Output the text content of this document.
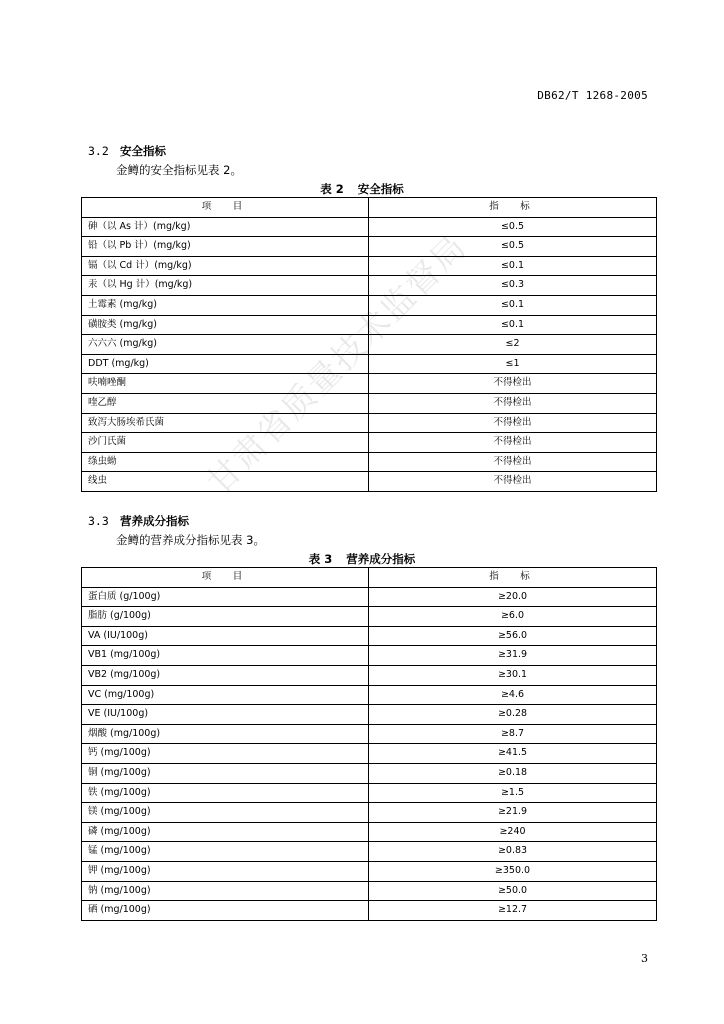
DB62/T 1268-2005
3.2 安全指标
金鳟的安全指标见表 2。
表 2 安全指标
项　目	指　标
砷（以 As 计）(mg/kg)	≤0.5
铅（以 Pb 计）(mg/kg)	≤0.5
镉（以 Cd 计）(mg/kg)	≤0.1
汞（以 Hg 计）(mg/kg)	≤0.3
土霉素 (mg/kg)	≤0.1
磺胺类 (mg/kg)	≤0.1
六六六 (mg/kg)	≤2
DDT (mg/kg)	≤1
呋喃唑酮	不得检出
喹乙醇	不得检出
致泻大肠埃希氏菌	不得检出
沙门氏菌	不得检出
绦虫蚴	不得检出
线虫	不得检出
3.3 营养成分指标
金鳟的营养成分指标见表 3。
表 3 营养成分指标
项　目	指　标
蛋白质 (g/100g)	≥20.0
脂肪 (g/100g)	≥6.0
VA (IU/100g)	≥56.0
VB1 (mg/100g)	≥31.9
VB2 (mg/100g)	≥30.1
VC (mg/100g)	≥4.6
VE (IU/100g)	≥0.28
烟酸 (mg/100g)	≥8.7
钙 (mg/100g)	≥41.5
铜 (mg/100g)	≥0.18
铁 (mg/100g)	≥1.5
镁 (mg/100g)	≥21.9
磷 (mg/100g)	≥240
锰 (mg/100g)	≥0.83
钾 (mg/100g)	≥350.0
钠 (mg/100g)	≥50.0
硒 (mg/100g)	≥12.7
甘肃省质量技术监督局
3
